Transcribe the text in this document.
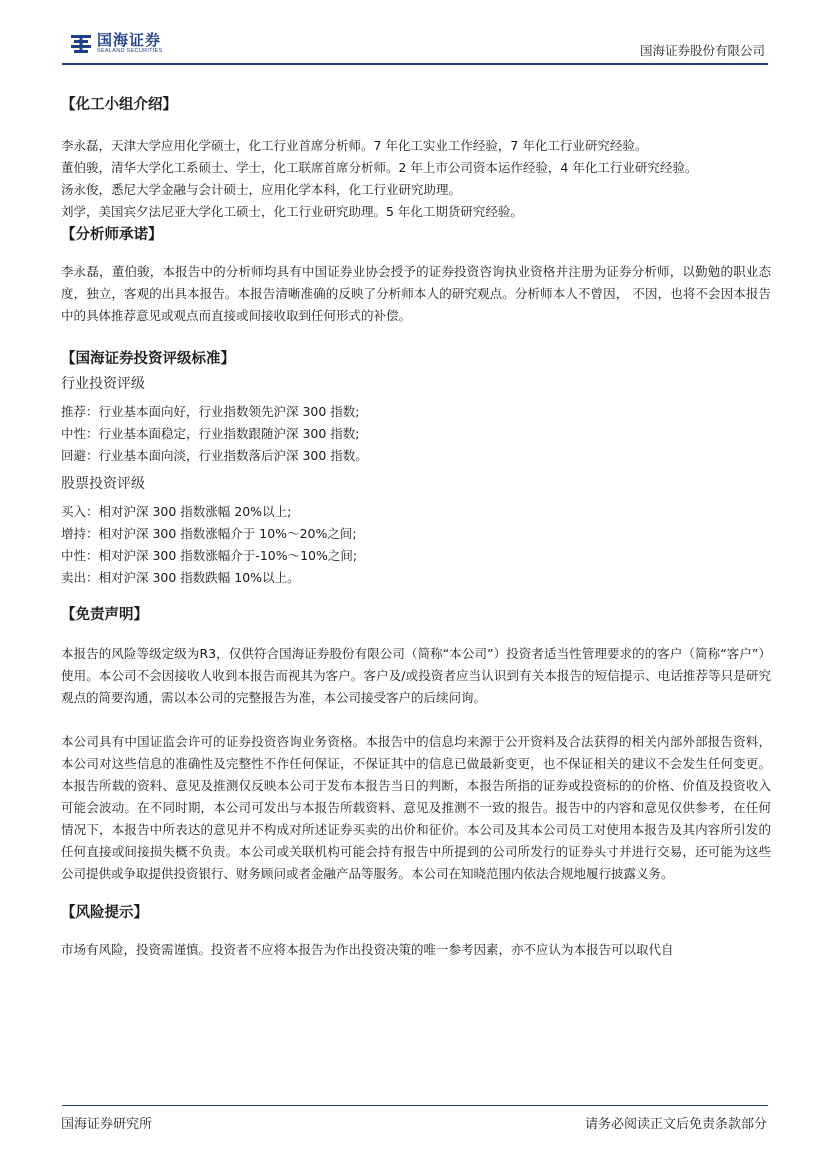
国海证券
SEALAND SECURITIES	国海证券股份有限公司
【化工小组介绍】
李永磊，天津大学应用化学硕士，化工行业首席分析师。7 年化工实业工作经验，7 年化工行业研究经验。
董伯骏，清华大学化工系硕士、学士，化工联席首席分析师。2 年上市公司资本运作经验，4 年化工行业研究经验。
汤永俊，悉尼大学金融与会计硕士，应用化学本科，化工行业研究助理。
刘学，美国宾夕法尼亚大学化工硕士，化工行业研究助理。5 年化工期货研究经验。
【分析师承诺】
李永磊，董伯骏，本报告中的分析师均具有中国证券业协会授予的证券投资咨询执业资格并注册为证券分析师，以勤勉的职业态度，独立，客观的出具本报告。本报告清晰准确的反映了分析师本人的研究观点。分析师本人不曾因， 不因，也将不会因本报告中的具体推荐意见或观点而直接或间接收取到任何形式的补偿。
【国海证券投资评级标准】
行业投资评级
推荐：行业基本面向好，行业指数领先沪深 300 指数;
中性：行业基本面稳定，行业指数跟随沪深 300 指数;
回避：行业基本面向淡，行业指数落后沪深 300 指数。
股票投资评级
买入：相对沪深 300 指数涨幅 20%以上;
增持：相对沪深 300 指数涨幅介于 10%～20%之间;
中性：相对沪深 300 指数涨幅介于-10%～10%之间;
卖出：相对沪深 300 指数跌幅 10%以上。
【免责声明】
本报告的风险等级定级为R3，仅供符合国海证券股份有限公司（简称“本公司”）投资者适当性管理要求的的客户（简称“客户”）使用。本公司不会因接收人收到本报告而视其为客户。客户及/或投资者应当认识到有关本报告的短信提示、电话推荐等只是研究观点的简要沟通，需以本公司的完整报告为准，本公司接受客户的后续问询。
本公司具有中国证监会许可的证券投资咨询业务资格。本报告中的信息均来源于公开资料及合法获得的相关内部外部报告资料，本公司对这些信息的准确性及完整性不作任何保证，不保证其中的信息已做最新变更，也不保证相关的建议不会发生任何变更。本报告所载的资料、意见及推测仅反映本公司于发布本报告当日的判断，本报告所指的证券或投资标的的价格、价值及投资收入可能会波动。在不同时期，本公司可发出与本报告所载资料、意见及推测不一致的报告。报告中的内容和意见仅供参考，在任何情况下，本报告中所表达的意见并不构成对所述证券买卖的出价和征价。本公司及其本公司员工对使用本报告及其内容所引发的任何直接或间接损失概不负责。本公司或关联机构可能会持有报告中所提到的公司所发行的证券头寸并进行交易，还可能为这些公司提供或争取提供投资银行、财务顾问或者金融产品等服务。本公司在知晓范围内依法合规地履行披露义务。
【风险提示】
市场有风险，投资需谨慎。投资者不应将本报告为作出投资决策的唯一参考因素，亦不应认为本报告可以取代自
国海证券研究所	请务必阅读正文后免责条款部分
